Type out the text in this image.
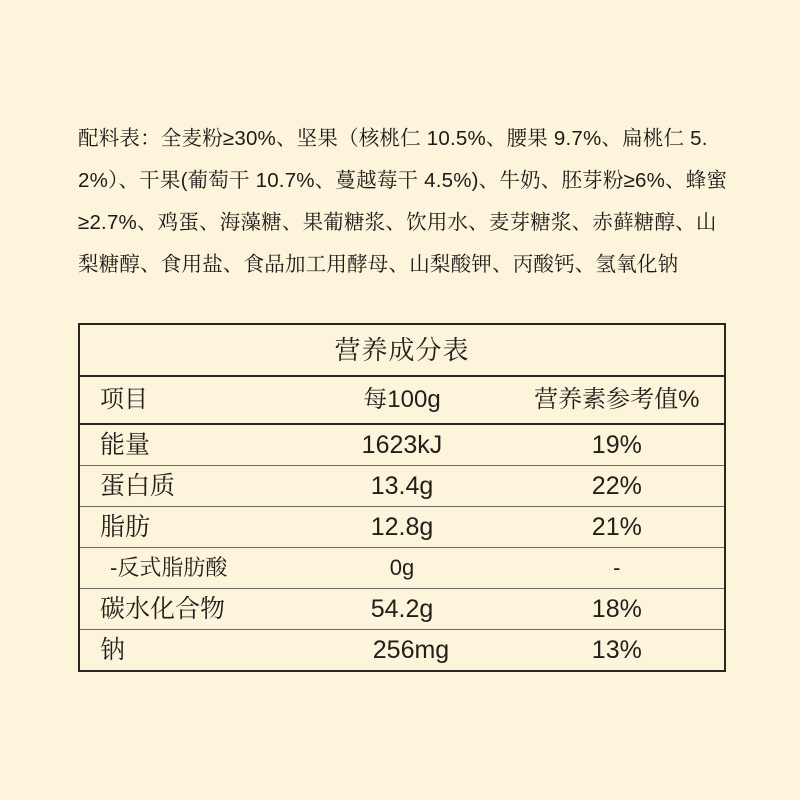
配料表：全麦粉≥30%、坚果（核桃仁 10.5%、腰果 9.7%、扁桃仁 5.2%）、干果(葡萄干 10.7%、蔓越莓干 4.5%)、牛奶、胚芽粉≥6%、蜂蜜≥2.7%、鸡蛋、海藻糖、果葡糖浆、饮用水、麦芽糖浆、赤藓糖醇、山梨糖醇、食用盐、食品加工用酵母、山梨酸钾、丙酸钙、氢氧化钠
营养成分表		
项目	每100g	营养素参考值%
能量	1623kJ	19%
蛋白质	13.4g	22%
脂肪	12.8g	21%
-反式脂肪酸	0g	-
碳水化合物	54.2g	18%
钠	256mg	13%
